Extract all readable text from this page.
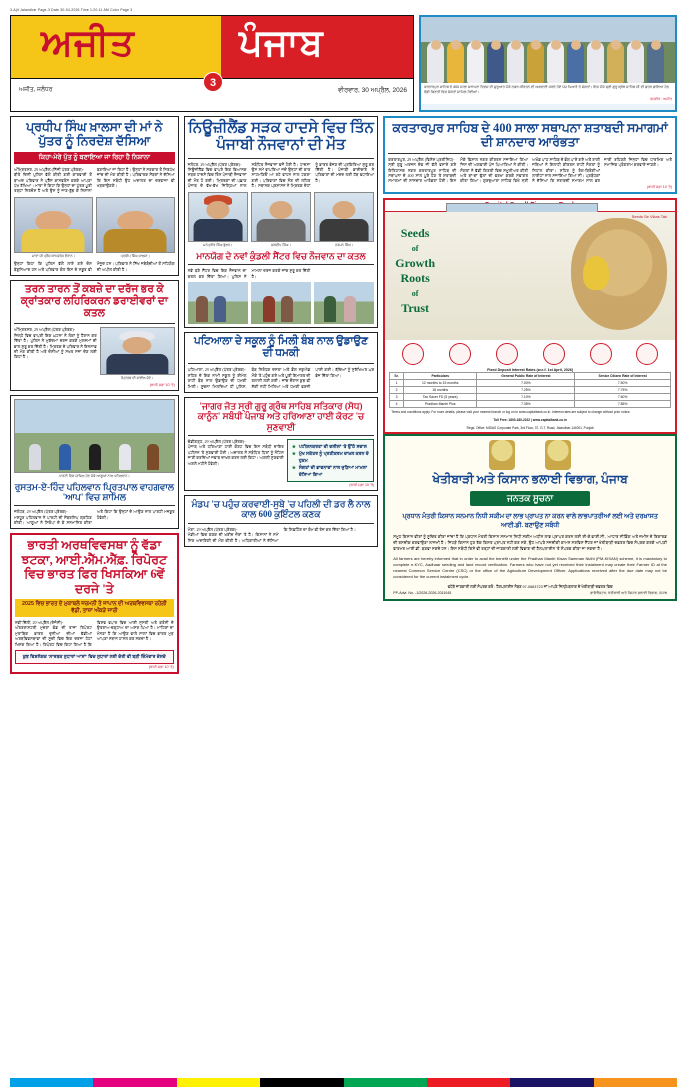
3-Ajit Jalandhar Page-3 Date 30-04-2026 Time 1:20:11 AM Color Page 3
ਅਜੀਤ	ਪੰਜਾਬ
ਅਜੀਤ, ਜਲੰਧਰ	ਵੀਰਵਾਰ, 30 ਅਪ੍ਰੈਲ, 2026
3	ਕਰਤਾਰਪੁਰ ਸਾਹਿਬ ਦੇ 400 ਸਾਲਾ ਸਥਾਪਨਾ ਦਿਵਸ ਦੀ ਸ਼ੁਰੂਆਤ ਮੌਕੇ ਨਗਰ ਕੀਰਤਨ ਦੀ ਅਗਵਾਈ ਕਰਦੇ ਹੋਏ ਪੰਜ ਪਿਆਰੇ ਤੇ ਸੰਗਤਾਂ। ਇਸ ਮੌਕੇ ਸ੍ਰੀ ਗੁਰੂ ਗ੍ਰੰਥ ਸਾਹਿਬ ਜੀ ਦੀ ਛਤਰ ਛਾਇਆ ਹੇਠ ਵੱਡੀ ਗਿਣਤੀ ਵਿਚ ਸੰਗਤਾਂ ਸ਼ਾਮਿਲ ਹੋਈਆਂ।
ਤਸਵੀਰ : ਅਜੀਤ
ਪ੍ਰਧੀਪ ਸਿੰਘ ਖ਼ਾਲਸਾ ਦੀ ਮਾਂ ਨੇ ਪੁੱਤਰ ਨੂੰ ਨਿਰਦੋਸ਼ ਦੱਸਿਆ
ਕਿਹਾ-ਮੇਰੇ ਪੁੱਤ ਨੂੰ ਬਣਾਇਆ ਜਾ ਰਿਹਾ ਹੈ ਨਿਸ਼ਾਨਾ
ਅੰਮ੍ਰਿਤਸਰ, 29 ਅਪ੍ਰੈਲ (ਨਿੱਜੀ ਪੱਤਰ ਪ੍ਰੇਰਕ)-
ਬੀਤੇ ਦਿਨੀਂ ਪੁਲਿਸ ਵੱਲੋਂ ਕੀਤੀ ਗਈ ਕਾਰਵਾਈ ਤੋਂ ਬਾਅਦ ਪਰਿਵਾਰ ਨੇ ਪ੍ਰੈੱਸ ਕਾਨਫਰੰਸ ਕਰਕੇ ਆਪਣਾ ਪੱਖ ਰੱਖਿਆ। ਮਾਤਾ ਨੇ ਕਿਹਾ ਕਿ ਉਨ੍ਹਾਂ ਦਾ ਪੁੱਤਰ ਪੂਰੀ ਤਰ੍ਹਾਂ ਨਿਰਦੋਸ਼ ਹੈ ਅਤੇ ਉਸ ਨੂੰ ਜਾਣ-ਬੁੱਝ ਕੇ ਨਿਸ਼ਾਨਾ ਬਣਾਇਆ ਜਾ ਰਿਹਾ ਹੈ। ਉਨ੍ਹਾਂ ਨੇ ਸਰਕਾਰ ਤੋਂ ਨਿਰਪੱਖ ਜਾਂਚ ਦੀ ਮੰਗ ਕੀਤੀ ਹੈ। ਪਰਿਵਾਰਕ ਮੈਂਬਰਾਂ ਨੇ ਦੱਸਿਆ ਕਿ ਇਸ ਸਬੰਧੀ ਉਹ ਅਦਾਲਤ ਦਾ ਦਰਵਾਜ਼ਾ ਵੀ ਖੜਕਾਉਣਗੇ।
ਮਾਤਾ ਜੀ ਪ੍ਰੈੱਸ ਕਾਨਫਰੰਸ ਦੌਰਾਨ।	ਪ੍ਰਧੀਪ ਸਿੰਘ ਖ਼ਾਲਸਾ।
ਉਨ੍ਹਾਂ ਕਿਹਾ ਕਿ ਪੁਲਿਸ ਵੱਲੋਂ ਲਾਏ ਗਏ ਦੋਸ਼ ਬੇਬੁਨਿਆਦ ਹਨ ਅਤੇ ਪਰਿਵਾਰ ਕੋਲ ਇਸ ਦੇ ਸਬੂਤ ਵੀ ਮੌਜੂਦ ਹਨ। ਪਰਿਵਾਰ ਨੇ ਸਿੱਖ ਜਥੇਬੰਦੀਆਂ ਤੋਂ ਸਹਿਯੋਗ ਦੀ ਅਪੀਲ ਕੀਤੀ ਹੈ।
ਤਰਨ ਤਾਰਨ ਤੋਂ ਕਬਜ਼ੇ ਦਾ ਦਰੱਜ ਭਰ ਕੇ ਕ੍ਰਾਂਤਕਾਰ ਲਹਿਰਿਕਰਨ ਡਰਾਈਵਰਾਂ ਦਾ ਕਤਲ
ਅੰਮ੍ਰਿਤਸਰ, 29 ਅਪ੍ਰੈਲ (ਪੱਤਰ ਪ੍ਰੇਰਕ)-
ਜ਼ਿਲ੍ਹੇ ਵਿਚ ਵਾਪਰੀ ਇਕ ਘਟਨਾ ਨੇ ਲੋਕਾਂ ਨੂੰ ਹੈਰਾਨ ਕਰ ਦਿੱਤਾ ਹੈ। ਪੁਲਿਸ ਨੇ ਮੁਕੱਦਮਾ ਦਰਜ ਕਰਕੇ ਮੁਲਜ਼ਮਾਂ ਦੀ ਭਾਲ ਸ਼ੁਰੂ ਕਰ ਦਿੱਤੀ ਹੈ। ਮ੍ਰਿਤਕ ਦੇ ਪਰਿਵਾਰ ਨੇ ਇਨਸਾਫ਼ ਦੀ ਮੰਗ ਕੀਤੀ ਹੈ ਅਤੇ ਦੋਸ਼ੀਆਂ ਨੂੰ ਸਖ਼ਤ ਸਜ਼ਾ ਦੇਣ ਲਈ ਕਿਹਾ ਹੈ।
ਮ੍ਰਿਤਕ ਦੀ ਫਾਈਲ ਫੋਟੋ।
(ਬਾਕੀ ਸਫ਼ਾ 10 'ਤੇ)
ਪਾਰਟੀ ਵਿਚ ਸ਼ਾਮਿਲ ਹੋਣ ਮੌਕੇ ਆਗੂਆਂ ਨਾਲ ਪਹਿਲਵਾਨ।
ਰੁਸਤਮ-ਏ-ਹਿੰਦ ਪਹਿਲਵਾਨ ਪ੍ਰਿਤਪਾਲ ਵਾਹਗਵਾਲ 'ਆਪ' ਵਿਚ ਸ਼ਾਮਿਲ
ਜਲੰਧਰ, 29 ਅਪ੍ਰੈਲ (ਪੱਤਰ ਪ੍ਰੇਰਕ)-
ਮਸ਼ਹੂਰ ਪਹਿਲਵਾਨ ਨੇ ਪਾਰਟੀ ਦੀ ਮੈਂਬਰਸ਼ਿਪ ਗ੍ਰਹਿਣ ਕੀਤੀ। ਆਗੂਆਂ ਨੇ ਸਿਰੋਪਾ ਦੇ ਕੇ ਸਨਮਾਨਿਤ ਕੀਤਾ ਅਤੇ ਕਿਹਾ ਕਿ ਉਨ੍ਹਾਂ ਦੇ ਆਉਣ ਨਾਲ ਪਾਰਟੀ ਮਜ਼ਬੂਤ ਹੋਵੇਗੀ।
ਭਾਰਤੀ ਅਰਥਵਿਵਸਥਾ ਨੂੰ ਵੱਡਾ ਝਟਕਾ, ਆਈ.ਐੱਮ.ਐੱਫ਼. ਰਿਪੋਰਟ ਵਿਚ ਭਾਰਤ ਫਿਰ ਖਿਸਕਿਆ 6ਵੇਂ ਦਰਜੇ 'ਤੇ
2025 ਵਿਚ ਭਾਰਤ ਦੇ ਮੁਕਾਬਲੇ ਜਰਮਨੀ ਤੇ ਜਾਪਾਨ ਦੀ ਅਰਥਵਿਵਸਥਾ ਰਹੇਗੀ ਵੱਡੀ, ਤਾਜ਼ਾ ਅੰਕੜੇ ਜਾਰੀ
ਨਵੀਂ ਦਿੱਲੀ, 29 ਅਪ੍ਰੈਲ (ਏਜੰਸੀ)-
ਅੰਤਰਰਾਸ਼ਟਰੀ ਮੁਦਰਾ ਫੰਡ ਦੀ ਤਾਜ਼ਾ ਰਿਪੋਰਟ ਮੁਤਾਬਿਕ ਭਾਰਤ ਦੁਨੀਆ ਦੀਆਂ ਵੱਡੀਆਂ ਅਰਥਵਿਵਸਥਾਵਾਂ ਦੀ ਸੂਚੀ ਵਿਚ ਇਕ ਦਰਜਾ ਹੇਠਾਂ ਖਿਸਕ ਗਿਆ ਹੈ। ਰਿਪੋਰਟ ਵਿਚ ਕਿਹਾ ਗਿਆ ਹੈ ਕਿ ਵਿਸ਼ਵ ਵਪਾਰ ਵਿਚ ਆਈ ਸੁਸਤੀ ਅਤੇ ਕਰੰਸੀ ਦੇ ਉਤਰਾਅ-ਚੜ੍ਹਾਅ ਦਾ ਅਸਰ ਪਿਆ ਹੈ। ਮਾਹਿਰਾਂ ਦਾ ਮੰਨਣਾ ਹੈ ਕਿ ਆਉਣ ਵਾਲੇ ਸਾਲਾਂ ਵਿਚ ਭਾਰਤ ਮੁੜ ਆਪਣਾ ਸਥਾਨ ਹਾਸਲ ਕਰ ਸਕਦਾ ਹੈ।
ਕੁਝ ਵਿਸ਼ਲੇਸ਼ਕ 'ਸਾਰਥਕ ਸੁਧਾਰਾਂ ਆਸਾਂ' ਵਿਚ ਸੁਧਾਰਾਂ ਲਈ ਦੇਰੀ ਵੀ ਬੜੀ ਜ਼ਿੰਮੇਵਾਰ ਦੱਸਦੇ
(ਬਾਕੀ ਸਫ਼ਾ 10 'ਤੇ)
ਨਿਊਜ਼ੀਲੈਂਡ ਸੜਕ ਹਾਦਸੇ ਵਿਚ ਤਿੰਨ ਪੰਜਾਬੀ ਨੌਜਵਾਨਾਂ ਦੀ ਮੌਤ
ਜਲੰਧਰ, 29 ਅਪ੍ਰੈਲ (ਪੱਤਰ ਪ੍ਰੇਰਕ)-
ਨਿਊਜ਼ੀਲੈਂਡ ਵਿਚ ਵਾਪਰੇ ਇਕ ਭਿਆਨਕ ਸੜਕ ਹਾਦਸੇ ਵਿਚ ਤਿੰਨ ਪੰਜਾਬੀ ਨੌਜਵਾਨਾਂ ਦੀ ਮੌਤ ਹੋ ਗਈ। ਮ੍ਰਿਤਕਾਂ ਦੀ ਪਛਾਣ ਪੰਜਾਬ ਦੇ ਵੱਖ-ਵੱਖ ਜ਼ਿਲ੍ਹਿਆਂ ਨਾਲ ਸਬੰਧਿਤ ਨੌਜਵਾਨਾਂ ਵਜੋਂ ਹੋਈ ਹੈ। ਹਾਦਸਾ ਉਸ ਸਮੇਂ ਵਾਪਰਿਆ ਜਦੋਂ ਉਨ੍ਹਾਂ ਦੀ ਕਾਰ ਸਾਹਮਣਿਓਂ ਆ ਰਹੇ ਵਾਹਨ ਨਾਲ ਟਕਰਾ ਗਈ। ਪਰਿਵਾਰਾਂ ਵਿਚ ਸੋਗ ਦੀ ਲਹਿਰ ਹੈ। ਸਥਾਨਕ ਪ੍ਰਸ਼ਾਸਨ ਨੇ ਮ੍ਰਿਤਕ ਦੇਹਾਂ ਨੂੰ ਭਾਰਤ ਭੇਜਣ ਦੀ ਪ੍ਰਕਿਰਿਆ ਸ਼ੁਰੂ ਕਰ ਦਿੱਤੀ ਹੈ। ਪੰਜਾਬੀ ਭਾਈਚਾਰੇ ਨੇ ਪਰਿਵਾਰਾਂ ਦੀ ਮਦਦ ਲਈ ਹੱਥ ਵਧਾਇਆ ਹੈ।
ਮਨਪ੍ਰੀਤ ਸਿੰਘ ਭੁੱਲਰ।	ਜਗਦੀਪ ਸਿੰਘ।	ਹਰਮਨ ਸਿੰਘ।
ਮਾਨਯੋਗ ਦੇ ਨਵਾਂ ਕੁੰਡਲੀ ਸੈਂਟਰ ਵਿਚ ਨੌਜਵਾਨ ਦਾ ਕਤਲ
ਨਵੇਂ ਬਣੇ ਸੈਂਟਰ ਵਿਚ ਇਕ ਨੌਜਵਾਨ ਦਾ ਕਤਲ ਕਰ ਦਿੱਤਾ ਗਿਆ। ਪੁਲਿਸ ਨੇ ਮਾਮਲਾ ਦਰਜ ਕਰਕੇ ਜਾਂਚ ਸ਼ੁਰੂ ਕਰ ਦਿੱਤੀ ਹੈ।
ਪਟਿਆਲਾ ਦੇ ਸਕੂਲ ਨੂੰ ਮਿਲੀ ਬੰਬ ਨਾਲ ਉਡਾਉਣ ਦੀ ਧਮਕੀ
ਪਟਿਆਲਾ, 29 ਅਪ੍ਰੈਲ (ਪੱਤਰ ਪ੍ਰੇਰਕ)-
ਸ਼ਹਿਰ ਦੇ ਇਕ ਨਾਮੀ ਸਕੂਲ ਨੂੰ ਈਮੇਲ ਰਾਹੀਂ ਬੰਬ ਨਾਲ ਉਡਾਉਣ ਦੀ ਧਮਕੀ ਮਿਲੀ। ਸੂਚਨਾ ਮਿਲਦਿਆਂ ਹੀ ਪੁਲਿਸ, ਬੰਬ ਨਿਰੋਧਕ ਦਸਤਾ ਅਤੇ ਡੌਗ ਸਕੁਐਡ ਮੌਕੇ 'ਤੇ ਪਹੁੰਚ ਗਏ ਅਤੇ ਪੂਰੀ ਇਮਾਰਤ ਦੀ ਤਲਾਸ਼ੀ ਲਈ ਗਈ। ਜਾਂਚ ਦੌਰਾਨ ਕੁਝ ਵੀ ਸ਼ੱਕੀ ਨਹੀਂ ਮਿਲਿਆ ਅਤੇ ਧਮਕੀ ਫ਼ਰਜ਼ੀ ਪਾਈ ਗਈ। ਬੱਚਿਆਂ ਨੂੰ ਸੁਰੱਖਿਅਤ ਘਰ ਭੇਜ ਦਿੱਤਾ ਗਿਆ।
'ਜਾਗਰ ਜੋਤ ਸ੍ਰੀ ਗੁਰੂ ਗ੍ਰੰਥ ਸਾਹਿਬ ਸਤਿਕਾਰ (ਸੋਧ) ਕਾਨੂੰਨ' ਸਬੰਧੀ ਪੰਜਾਬ ਅਤੇ ਹਰਿਆਣਾ ਹਾਈ ਕੋਰਟ 'ਚ ਸੁਣਵਾਈ
ਚੰਡੀਗੜ੍ਹ, 29 ਅਪ੍ਰੈਲ (ਪੱਤਰ ਪ੍ਰੇਰਕ)-
ਪੰਜਾਬ ਅਤੇ ਹਰਿਆਣਾ ਹਾਈ ਕੋਰਟ ਵਿਚ ਇਸ ਸਬੰਧੀ ਦਾਇਰ ਪਟੀਸ਼ਨ 'ਤੇ ਸੁਣਵਾਈ ਹੋਈ। ਅਦਾਲਤ ਨੇ ਸਬੰਧਿਤ ਧਿਰਾਂ ਨੂੰ ਨੋਟਿਸ ਜਾਰੀ ਕਰਦਿਆਂ ਜਵਾਬ ਦਾਖ਼ਲ ਕਰਨ ਲਈ ਕਿਹਾ। ਅਗਲੀ ਸੁਣਵਾਈ ਅਗਲੇ ਮਹੀਨੇ ਹੋਵੇਗੀ।
★ ਪਟੀਸ਼ਨਕਰਤਾ ਦੀ ਦਲੀਲਾਂ 'ਤੇ ਉੱਠੇ ਸਵਾਲ
★ ਮੁੱਖ ਸਕੱਤਰ ਨੂੰ ਪ੍ਰਤੀਕਰਮ ਦਾਖ਼ਲ ਕਰਨ ਦੇ ਹੁਕਮ
★ ਸੰਗਤਾਂ ਦੀ ਭਾਵਨਾਵਾਂ ਨਾਲ ਜੁੜਿਆ ਮਾਮਲਾ ਦੱਸਿਆ ਗਿਆ
(ਬਾਕੀ ਸਫ਼ਾ 10 'ਤੇ)
ਮੰਡਪ 'ਚ ਪਹੁੰਚ ਕਰਵਾਈ-ਸੁਬੇ 'ਚ ਪਹਿਲੀ ਦੀ ਡਰ ਲੈ ਨਾਲ ਕਾਲ 600 ਕੁਇੰਟਲ ਕਣਕ
ਮੋਗਾ, 29 ਅਪ੍ਰੈਲ (ਪੱਤਰ ਪ੍ਰੇਰਕ)-
ਮੰਡੀਆਂ ਵਿਚ ਕਣਕ ਦੀ ਖ਼ਰੀਦ ਜ਼ੋਰਾਂ 'ਤੇ ਹੈ। ਕਿਸਾਨਾਂ ਨੇ ਸਮੇਂ ਸਿਰ ਅਦਾਇਗੀ ਦੀ ਮੰਗ ਕੀਤੀ ਹੈ। ਅਧਿਕਾਰੀਆਂ ਨੇ ਦੱਸਿਆ ਕਿ ਲਿਫਟਿੰਗ ਦਾ ਕੰਮ ਵੀ ਤੇਜ਼ ਕਰ ਦਿੱਤਾ ਗਿਆ ਹੈ।
ਕਰਤਾਰਪੁਰ ਸਾਹਿਬ ਦੇ 400 ਸਾਲਾ ਸਥਾਪਨਾ ਸ਼ਤਾਬਦੀ ਸਮਾਗਮਾਂ ਦੀ ਸ਼ਾਨਦਾਰ ਆਰੰਭਤਾ
ਕਰਤਾਰਪੁਰ, 29 ਅਪ੍ਰੈਲ (ਵਿਸ਼ੇਸ਼ ਪ੍ਰਤੀਨਿਧ)-
ਸ੍ਰੀ ਗੁਰੂ ਅਰਜਨ ਦੇਵ ਜੀ ਵੱਲੋਂ ਵਸਾਏ ਗਏ ਇਤਿਹਾਸਕ ਨਗਰ ਕਰਤਾਰਪੁਰ ਸਾਹਿਬ ਦੀ ਸਥਾਪਨਾ ਦੇ 400 ਸਾਲ ਪੂਰੇ ਹੋਣ 'ਤੇ ਸ਼ਤਾਬਦੀ ਸਮਾਗਮਾਂ ਦੀ ਸ਼ਾਨਦਾਰ ਆਰੰਭਤਾ ਹੋਈ। ਇਸ ਮੌਕੇ ਵਿਸ਼ਾਲ ਨਗਰ ਕੀਰਤਨ ਸਜਾਇਆ ਗਿਆ ਜਿਸ ਦੀ ਅਗਵਾਈ ਪੰਜ ਪਿਆਰਿਆਂ ਨੇ ਕੀਤੀ। ਸੰਗਤਾਂ ਨੇ ਵੱਡੀ ਗਿਣਤੀ ਵਿਚ ਸ਼ਮੂਲੀਅਤ ਕੀਤੀ ਅਤੇ ਥਾਂ-ਥਾਂ ਫੁੱਲਾਂ ਦੀ ਵਰਖਾ ਕਰਕੇ ਸਵਾਗਤ ਕੀਤਾ ਗਿਆ। ਗੁਰਦੁਆਰਾ ਸਾਹਿਬ ਵਿਖੇ ਸ੍ਰੀ ਅਖੰਡ ਪਾਠ ਸਾਹਿਬ ਦੇ ਭੋਗ ਪਾਏ ਗਏ ਅਤੇ ਰਾਗੀ ਜਥਿਆਂ ਨੇ ਇਲਾਹੀ ਕੀਰਤਨ ਰਾਹੀਂ ਸੰਗਤਾਂ ਨੂੰ ਨਿਹਾਲ ਕੀਤਾ। ਸ਼ਹਿਰ ਨੂੰ ਰੰਗ-ਬਿਰੰਗੀਆਂ ਲਾਈਟਾਂ ਨਾਲ ਸਜਾਇਆ ਗਿਆ ਸੀ। ਪ੍ਰਬੰਧਕਾਂ ਨੇ ਦੱਸਿਆ ਕਿ ਸ਼ਤਾਬਦੀ ਸਮਾਗਮ ਸਾਲ ਭਰ ਜਾਰੀ ਰਹਿਣਗੇ ਜਿਨ੍ਹਾਂ ਵਿਚ ਧਾਰਮਿਕ ਅਤੇ ਸਮਾਜਿਕ ਪ੍ਰੋਗਰਾਮ ਕਰਵਾਏ ਜਾਣਗੇ।
(ਬਾਕੀ ਸਫ਼ਾ 10 'ਤੇ)
Seeds
of
Growth
Roots
of
Trust
Seeds Se Vikas Tak
Fixed Deposit Interest Rates (w.e.f. 1st April, 2026)
Sr.	Particulars	General Public Rate of Interest	Senior Citizen Rate of Interest
1	12 months to 15 months	7.00%	7.50%
2	18 months	7.25%	7.75%
3	Tax Saver FD (5 years)	7.10%	7.60%
4	Pradhan Mantri Plus	7.35%	7.85%
Terms and conditions apply. For more details, please visit your nearest branch or log on to www.capitalbank.co.in. Interest rates are subject to change without prior notice.
Toll Free: 1800-180-2222 | www.capitalbank.co.in
Regd. Office: MIDAS Corporate Park, 3rd Floor, 37, G.T. Road, Jalandhar-144001, Punjab
ਖੇਤੀਬਾੜੀ ਅਤੇ ਕਿਸਾਨ ਭਲਾਈ ਵਿਭਾਗ, ਪੰਜਾਬ
ਜਨਤਕ ਸੂਚਨਾ
ਪ੍ਰਧਾਨ ਮੰਤਰੀ ਕਿਸਾਨ ਸਨਮਾਨ ਨਿਧੀ ਸਕੀਮ ਦਾ ਲਾਭ ਪ੍ਰਾਪਤ ਨਾ ਕਰਨ ਵਾਲੇ ਲਾਭਪਾਤਰੀਆਂ ਲਈ ਅਤੇ ਦਰਖ਼ਾਸਤ ਆਈ.ਡੀ. ਬਣਾਉਣ ਸਬੰਧੀ
ਸਮੂਹ ਕਿਸਾਨ ਵੀਰਾਂ ਨੂੰ ਸੂਚਿਤ ਕੀਤਾ ਜਾਂਦਾ ਹੈ ਕਿ ਪ੍ਰਧਾਨ ਮੰਤਰੀ ਕਿਸਾਨ ਸਨਮਾਨ ਨਿਧੀ ਸਕੀਮ ਅਧੀਨ ਲਾਭ ਪ੍ਰਾਪਤ ਕਰਨ ਲਈ ਈ-ਕੇ.ਵਾਈ.ਸੀ., ਆਧਾਰ ਸੀਡਿੰਗ ਅਤੇ ਜ਼ਮੀਨ ਦੇ ਰਿਕਾਰਡ ਦੀ ਤਸਦੀਕ ਕਰਵਾਉਣਾ ਲਾਜ਼ਮੀ ਹੈ। ਜਿਹੜੇ ਕਿਸਾਨ ਹੁਣ ਤੱਕ ਕਿਸ਼ਤ ਪ੍ਰਾਪਤ ਨਹੀਂ ਕਰ ਸਕੇ, ਉਹ ਆਪਣੇ ਨਜ਼ਦੀਕੀ ਕਾਮਨ ਸਰਵਿਸ ਸੈਂਟਰ ਜਾਂ ਖੇਤੀਬਾੜੀ ਦਫ਼ਤਰ ਵਿਚ ਸੰਪਰਕ ਕਰਕੇ ਆਪਣੀ ਫਾਰਮਰ ਆਈ.ਡੀ. ਬਣਵਾ ਸਕਦੇ ਹਨ। ਇਸ ਸਬੰਧੀ ਕਿਸੇ ਵੀ ਤਰ੍ਹਾਂ ਦੀ ਜਾਣਕਾਰੀ ਲਈ ਵਿਭਾਗ ਦੀ ਹੈਲਪਲਾਈਨ 'ਤੇ ਸੰਪਰਕ ਕੀਤਾ ਜਾ ਸਕਦਾ ਹੈ।
All farmers are hereby informed that in order to avail the benefit under the Pradhan Mantri Kisan Samman Nidhi (PM-KISAN) scheme, it is mandatory to complete e-KYC, Aadhaar seeding and land record verification. Farmers who have not yet received their instalment may create their Farmer ID at the nearest Common Service Centre (CSC) or the office of the Agriculture Development Officer. Applications received after the due date may not be considered for the current instalment cycle.
ਵਧੇਰੇ ਜਾਣਕਾਰੀ ਲਈ ਸੰਪਰਕ ਕਰੋ : ਹੈਲਪਲਾਈਨ ਨੰਬਰ 97-0663723 ਜਾਂ ਆਪਣੇ ਜ਼ਿਲ੍ਹੇ/ਬਲਾਕ ਦੇ ਖੇਤੀਬਾੜੀ ਦਫ਼ਤਰ ਵਿਚ
PP-Advt. No. -1/2026-2026-2011045	ਡਾਇਰੈਕਟਰ, ਖੇਤੀਬਾੜੀ ਅਤੇ ਕਿਸਾਨ ਭਲਾਈ ਵਿਭਾਗ, ਪੰਜਾਬ
